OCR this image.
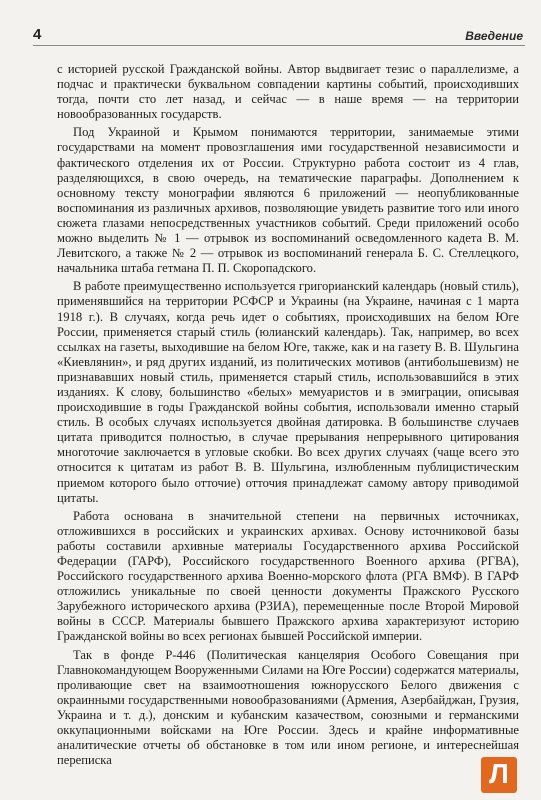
4	Введение

с историей русской Гражданской войны. Автор выдвигает тезис о параллелизме, а подчас и практически буквальном совпадении картины событий, происходивших тогда, почти сто лет назад, и сейчас — в наше время — на территории новообразованных государств.

Под Украиной и Крымом понимаются территории, занимаемые этими государствами на момент провозглашения ими государственной независимости и фактического отделения их от России. Структурно работа состоит из 4 глав, разделяющихся, в свою очередь, на тематические параграфы. Дополнением к основному тексту монографии являются 6 приложений — неопубликованные воспоминания из различных архивов, позволяющие увидеть развитие того или иного сюжета глазами непосредственных участников событий. Среди приложений особо можно выделить № 1 — отрывок из воспоминаний осведомленного кадета В. М. Левитского, а также № 2 — отрывок из воспоминаний генерала Б. С. Стеллецкого, начальника штаба гетмана П. П. Скоропадского.

В работе преимущественно используется григорианский календарь (новый стиль), применявшийся на территории РСФСР и Украины (на Украине, начиная с 1 марта 1918 г.). В случаях, когда речь идет о событиях, происходивших на белом Юге России, применяется старый стиль (юлианский календарь). Так, например, во всех ссылках на газеты, выходившие на белом Юге, также, как и на газету В. В. Шульгина «Киевлянин», и ряд других изданий, из политических мотивов (антибольшевизм) не признававших новый стиль, применяется старый стиль, использовавшийся в этих изданиях. К слову, большинство «белых» мемуаристов и в эмиграции, описывая происходившие в годы Гражданской войны события, использовали именно старый стиль. В особых случаях используется двойная датировка. В большинстве случаев цитата приводится полностью, в случае прерывания непрерывного цитирования многоточие заключается в угловые скобки. Во всех других случаях (чаще всего это относится к цитатам из работ В. В. Шульгина, излюбленным публицистическим приемом которого было отточие) отточия принадлежат самому автору приводимой цитаты.

Работа основана в значительной степени на первичных источниках, отложившихся в российских и украинских архивах. Основу источниковой базы работы составили архивные материалы Государственного архива Российской Федерации (ГАРФ), Российского государственного Военного архива (РГВА), Российского государственного архива Военно-морского флота (РГА ВМФ). В ГАРФ отложились уникальные по своей ценности документы Пражского Русского Зарубежного исторического архива (РЗИА), перемещенные после Второй Мировой войны в СССР. Материалы бывшего Пражского архива характеризуют историю Гражданской войны во всех регионах бывшей Российской империи.

Так в фонде Р-446 (Политическая канцелярия Особого Совещания при Главнокомандующем Вооруженными Силами на Юге России) содержатся материалы, проливающие свет на взаимоотношения южнорусского Белого движения с окраинными государственными новообразованиями (Армения, Азербайджан, Грузия, Украина и т. д.), донским и кубанским казачеством, союзными и германскими оккупационными войсками на Юге России. Здесь и крайне информативные аналитические отчеты об обстановке в том или ином регионе, и интереснейшая переписка	Л
